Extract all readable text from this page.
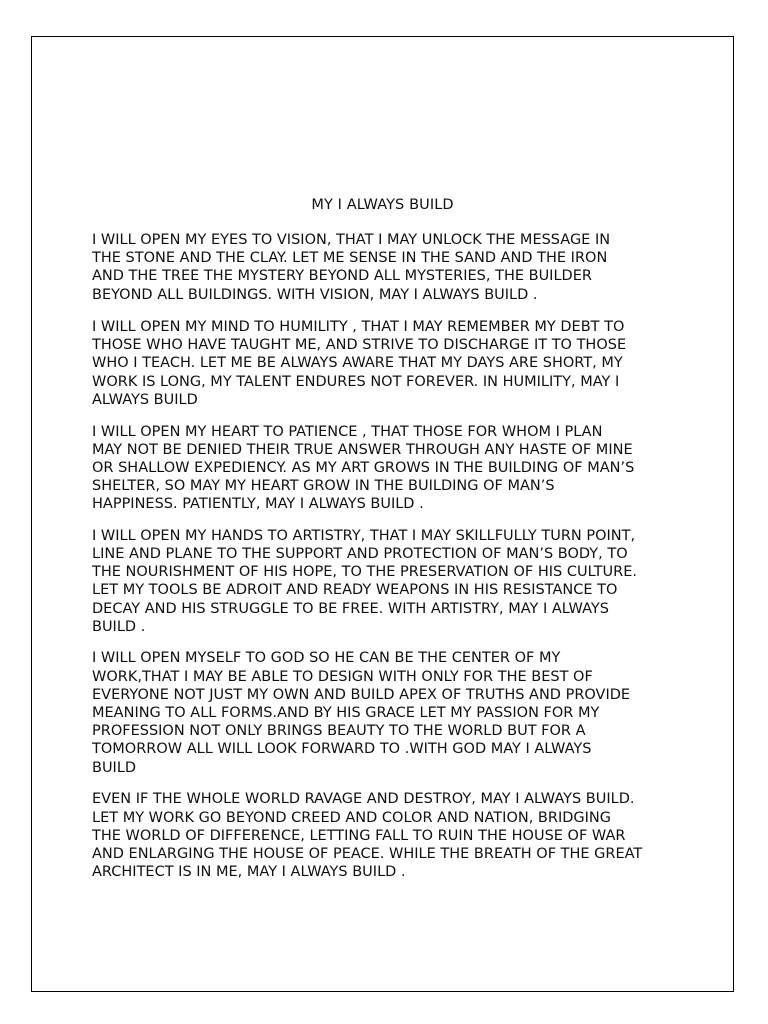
MY I ALWAYS BUILD

I WILL OPEN MY EYES TO VISION, THAT I MAY UNLOCK THE MESSAGE IN
THE STONE AND THE CLAY. LET ME SENSE IN THE SAND AND THE IRON
AND THE TREE THE MYSTERY BEYOND ALL MYSTERIES, THE BUILDER
BEYOND ALL BUILDINGS. WITH VISION, MAY I ALWAYS BUILD .

I WILL OPEN MY MIND TO HUMILITY , THAT I MAY REMEMBER MY DEBT TO
THOSE WHO HAVE TAUGHT ME, AND STRIVE TO DISCHARGE IT TO THOSE
WHO I TEACH. LET ME BE ALWAYS AWARE THAT MY DAYS ARE SHORT, MY
WORK IS LONG, MY TALENT ENDURES NOT FOREVER. IN HUMILITY, MAY I
ALWAYS BUILD

I WILL OPEN MY HEART TO PATIENCE , THAT THOSE FOR WHOM I PLAN
MAY NOT BE DENIED THEIR TRUE ANSWER THROUGH ANY HASTE OF MINE
OR SHALLOW EXPEDIENCY. AS MY ART GROWS IN THE BUILDING OF MAN’S
SHELTER, SO MAY MY HEART GROW IN THE BUILDING OF MAN’S
HAPPINESS. PATIENTLY, MAY I ALWAYS BUILD .

I WILL OPEN MY HANDS TO ARTISTRY, THAT I MAY SKILLFULLY TURN POINT,
LINE AND PLANE TO THE SUPPORT AND PROTECTION OF MAN’S BODY, TO
THE NOURISHMENT OF HIS HOPE, TO THE PRESERVATION OF HIS CULTURE.
LET MY TOOLS BE ADROIT AND READY WEAPONS IN HIS RESISTANCE TO
DECAY AND HIS STRUGGLE TO BE FREE. WITH ARTISTRY, MAY I ALWAYS
BUILD .

I WILL OPEN MYSELF TO GOD SO HE CAN BE THE CENTER OF MY
WORK,THAT I MAY BE ABLE TO DESIGN WITH ONLY FOR THE BEST OF
EVERYONE NOT JUST MY OWN AND BUILD APEX OF TRUTHS AND PROVIDE
MEANING TO ALL FORMS.AND BY HIS GRACE LET MY PASSION FOR MY
PROFESSION NOT ONLY BRINGS BEAUTY TO THE WORLD BUT FOR A
TOMORROW ALL WILL LOOK FORWARD TO .WITH GOD MAY I ALWAYS
BUILD

EVEN IF THE WHOLE WORLD RAVAGE AND DESTROY, MAY I ALWAYS BUILD.
LET MY WORK GO BEYOND CREED AND COLOR AND NATION, BRIDGING
THE WORLD OF DIFFERENCE, LETTING FALL TO RUIN THE HOUSE OF WAR
AND ENLARGING THE HOUSE OF PEACE. WHILE THE BREATH OF THE GREAT
ARCHITECT IS IN ME, MAY I ALWAYS BUILD .
